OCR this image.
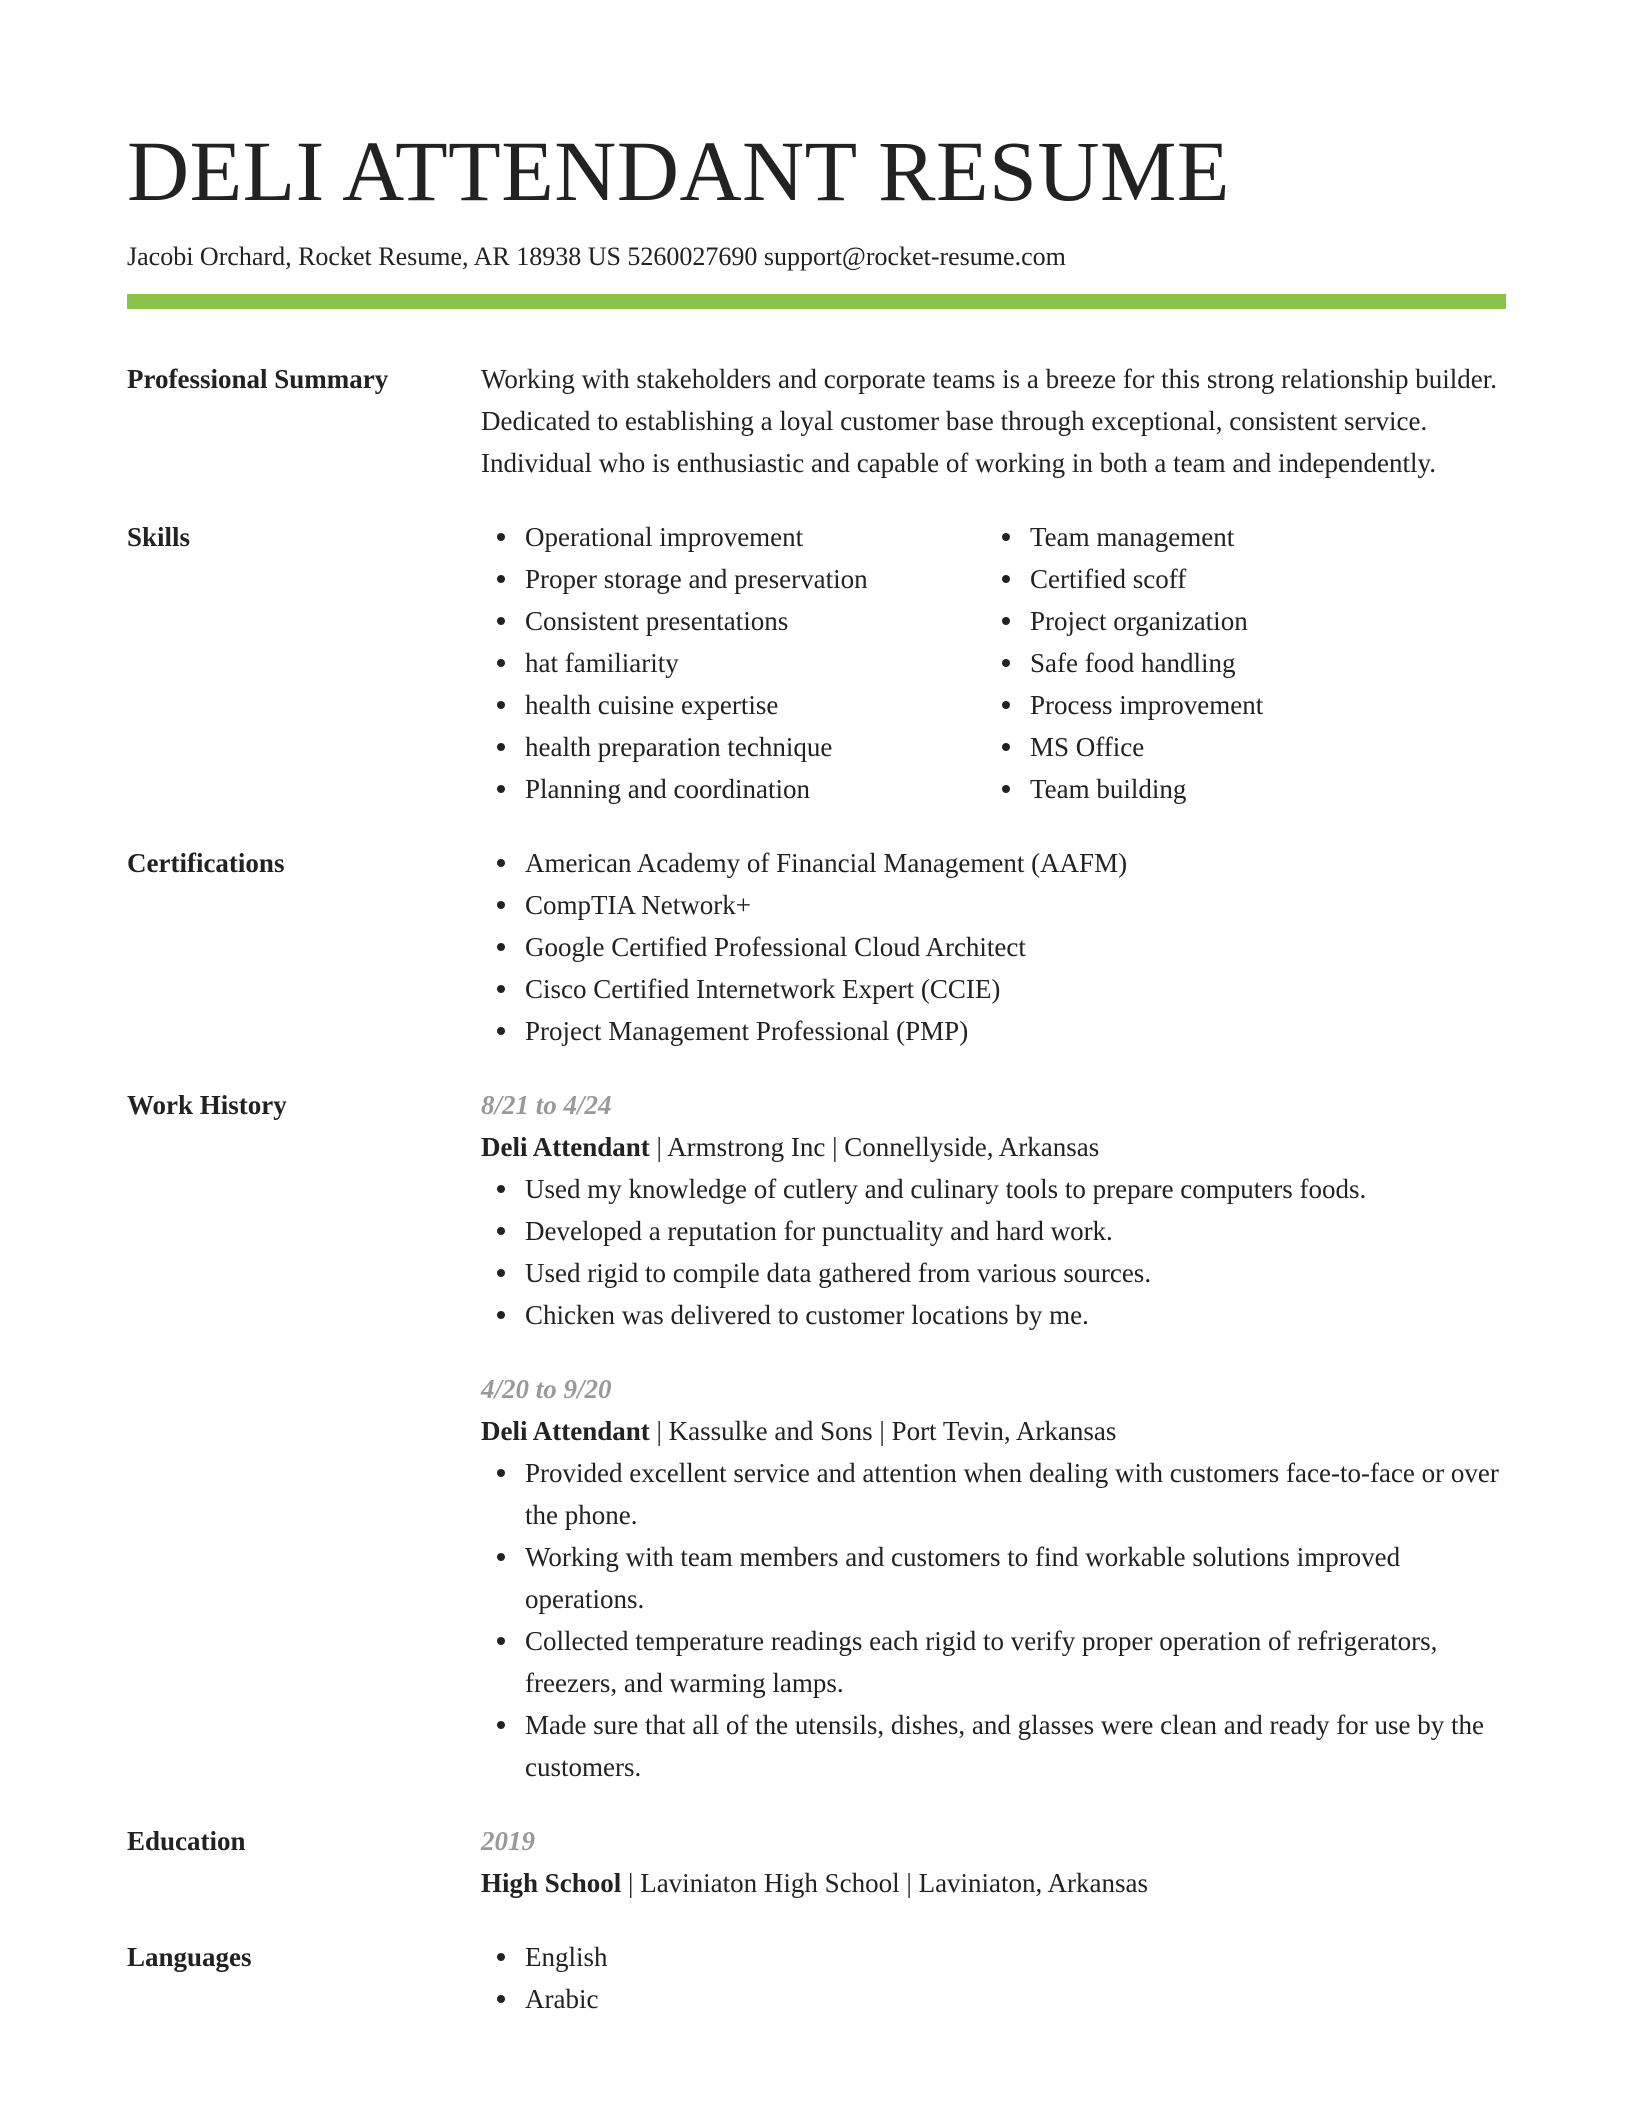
DELI ATTENDANT RESUME
Jacobi Orchard, Rocket Resume, AR 18938 US 5260027690 support@rocket-resume.com
Professional Summary	Working with stakeholders and corporate teams is a breeze for this strong relationship builder. Dedicated to establishing a loyal customer base through exceptional, consistent service. Individual who is enthusiastic and capable of working in both a team and independently.
Skills	Operational improvement
Proper storage and preservation
Consistent presentations
hat familiarity
health cuisine expertise
health preparation technique
Planning and coordination
Team management
Certified scoff
Project organization
Safe food handling
Process improvement
MS Office
Team building
Certifications	American Academy of Financial Management (AAFM)
CompTIA Network+
Google Certified Professional Cloud Architect
Cisco Certified Internetwork Expert (CCIE)
Project Management Professional (PMP)
Work History	8/21 to 4/24
Deli Attendant | Armstrong Inc | Connellyside, Arkansas
Used my knowledge of cutlery and culinary tools to prepare computers foods.
Developed a reputation for punctuality and hard work.
Used rigid to compile data gathered from various sources.
Chicken was delivered to customer locations by me.
4/20 to 9/20
Deli Attendant | Kassulke and Sons | Port Tevin, Arkansas
Provided excellent service and attention when dealing with customers face-to-face or over the phone.
Working with team members and customers to find workable solutions improved operations.
Collected temperature readings each rigid to verify proper operation of refrigerators, freezers, and warming lamps.
Made sure that all of the utensils, dishes, and glasses were clean and ready for use by the customers.
Education	2019
High School | Laviniaton High School | Laviniaton, Arkansas
Languages	English
Arabic
